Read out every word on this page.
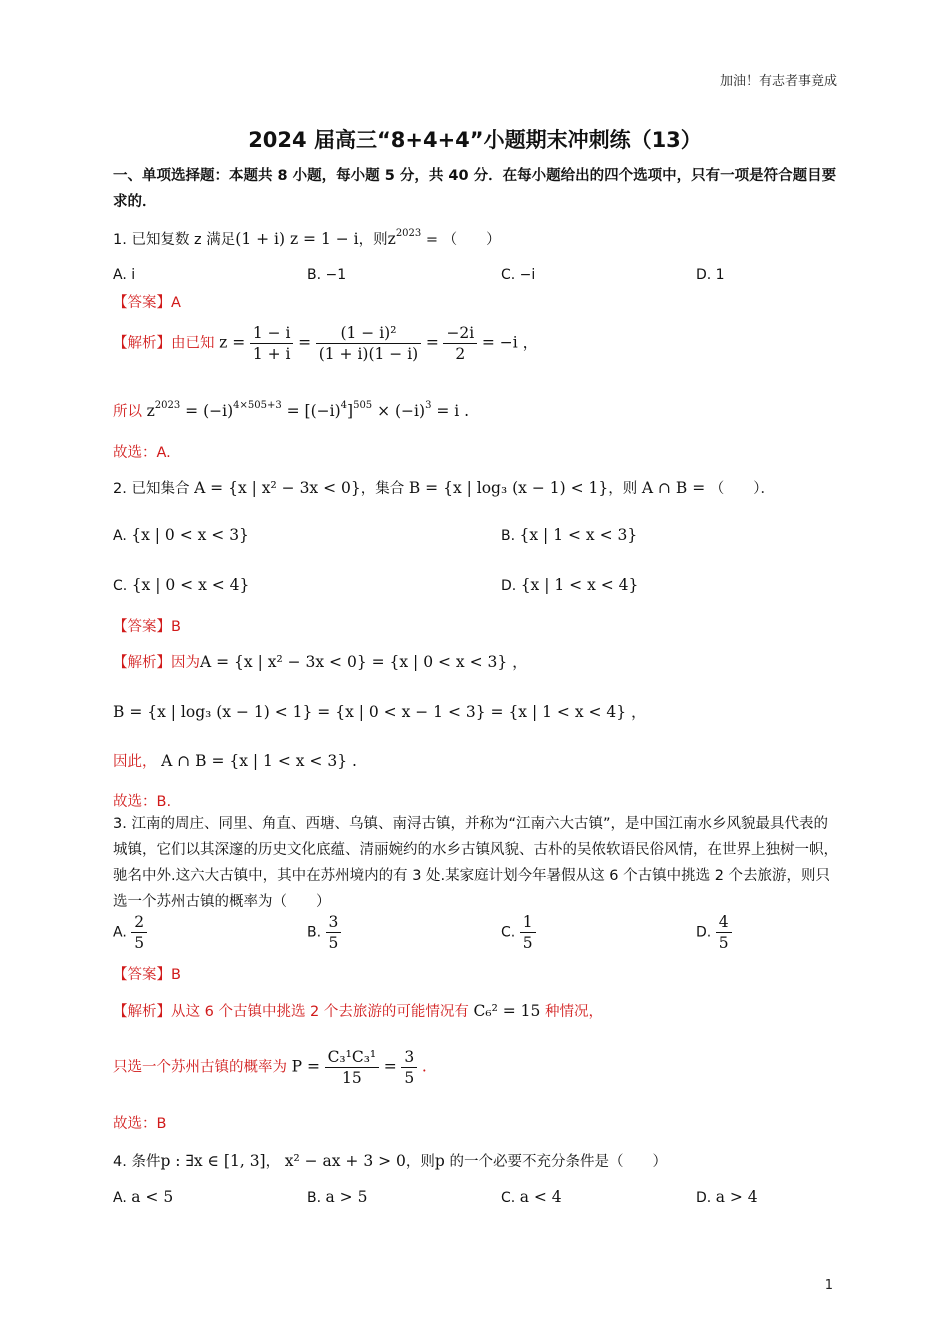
加油！有志者事竟成
2024 届高三“8+4+4”小题期末冲刺练（13）
一、单项选择题：本题共 8 小题，每小题 5 分，共 40 分．在每小题给出的四个选项中，只有一项是符合题目要求的．
1. 已知复数 z 满足(1 + i) z = 1 − i，则$z^{2023}$ = （　　）
A. i	B. −1	C. −i	D. 1
【答案】A
【解析】由已知 $z = \frac{1 - i}{1 + i} = \frac{\text{(1 − i)²}}{(1 + i)(1 - i)} = \frac{-2i}{2} = -i$ ，
所以 $z^{2023} = (-i)^{4\times 505+3} = [(-i)^4]^{505} \times (-i)^3 = i$ .
故选：A.
2. 已知集合 A = {x | x² − 3x < 0}，集合 B = {x | log₃ (x − 1) < 1}，则 A ∩ B = （　　）．
A. {x | 0 < x < 3}	B. {x | 1 < x < 3}
C. {x | 0 < x < 4}	D. {x | 1 < x < 4}
【答案】B
【解析】因为A = {x | x² − 3x < 0} = {x | 0 < x < 3} ，
B = {x | log₃ (x − 1) < 1} = {x | 0 < x − 1 < 3} = {x | 1 < x < 4} ，
因此， A ∩ B = {x | 1 < x < 3} .
故选：B.
3. 江南的周庄、同里、角直、西塘、乌镇、南浔古镇，并称为“江南六大古镇”，是中国江南水乡风貌最具代表的城镇，它们以其深邃的历史文化底蕴、清丽婉约的水乡古镇风貌、古朴的吴侬软语民俗风情，在世界上独树一帜，驰名中外.这六大古镇中，其中在苏州境内的有 3 处.某家庭计划今年暑假从这 6 个古镇中挑选 2 个去旅游，则只选一个苏州古镇的概率为（　　）
A. $\frac{2}{5}$	B. $\frac{3}{5}$	C. $\frac{1}{5}$	D. $\frac{4}{5}$
【答案】B
【解析】从这 6 个古镇中挑选 2 个去旅游的可能情况有 C₆² = 15 种情况，
只选一个苏州古镇的概率为 $P = \frac{\text{C₃¹C₃¹}}{15} = \frac{3}{5}$ .
故选：B
4. 条件p : ∃x ∈ [1, 3]， x² − ax + 3 > 0，则p 的一个必要不充分条件是（　　）
A. a < 5	B. a > 5	C. a < 4	D. a > 4
1
